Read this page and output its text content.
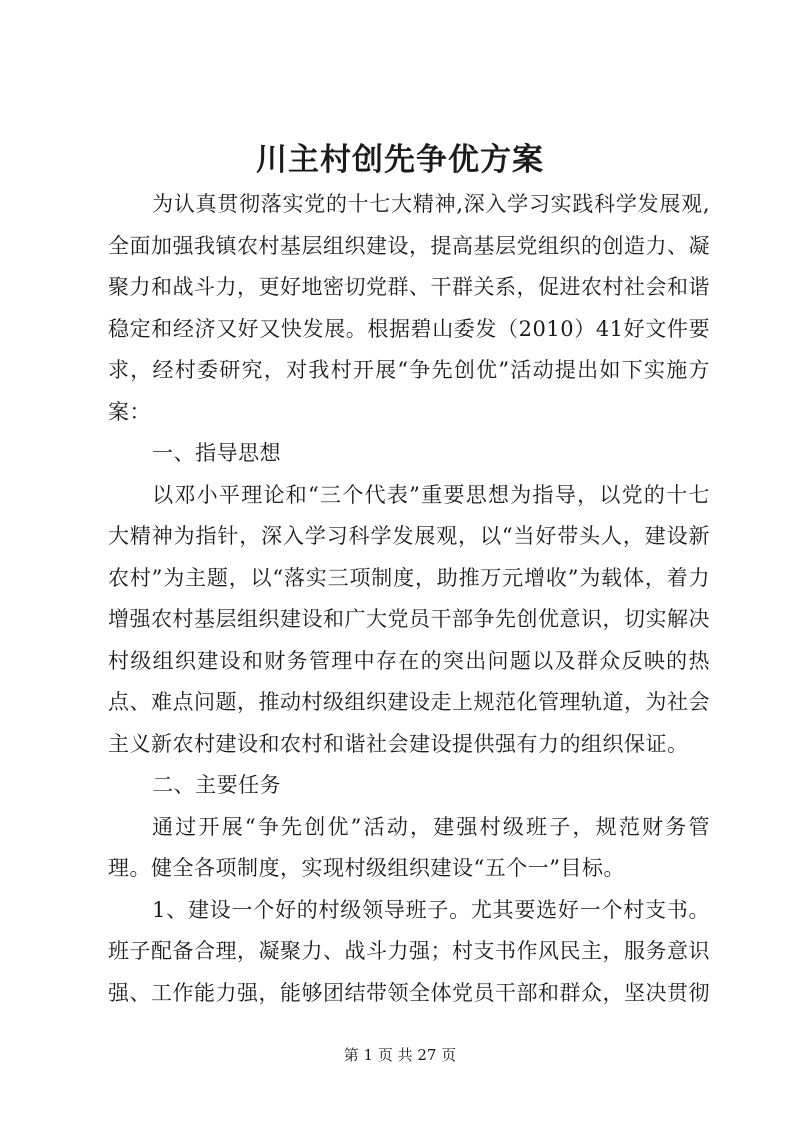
川主村创先争优方案

为认真贯彻落实党的十七大精神,深入学习实践科学发展观,全面加强我镇农村基层组织建设，提高基层党组织的创造力、凝聚力和战斗力，更好地密切党群、干群关系，促进农村社会和谐稳定和经济又好又快发展。根据碧山委发（2010）41好文件要求，经村委研究，对我村开展“争先创优”活动提出如下实施方案：

一、指导思想

以邓小平理论和“三个代表”重要思想为指导，以党的十七大精神为指针，深入学习科学发展观，以“当好带头人，建设新农村”为主题，以“落实三项制度，助推万元增收”为载体，着力增强农村基层组织建设和广大党员干部争先创优意识，切实解决村级组织建设和财务管理中存在的突出问题以及群众反映的热点、难点问题，推动村级组织建设走上规范化管理轨道，为社会主义新农村建设和农村和谐社会建设提供强有力的组织保证。

二、主要任务

通过开展“争先创优”活动，建强村级班子，规范财务管理。健全各项制度，实现村级组织建设“五个一”目标。

1、建设一个好的村级领导班子。尤其要选好一个村支书。班子配备合理，凝聚力、战斗力强；村支书作风民主，服务意识强、工作能力强，能够团结带领全体党员干部和群众，坚决贯彻

第 1 页 共 27 页
